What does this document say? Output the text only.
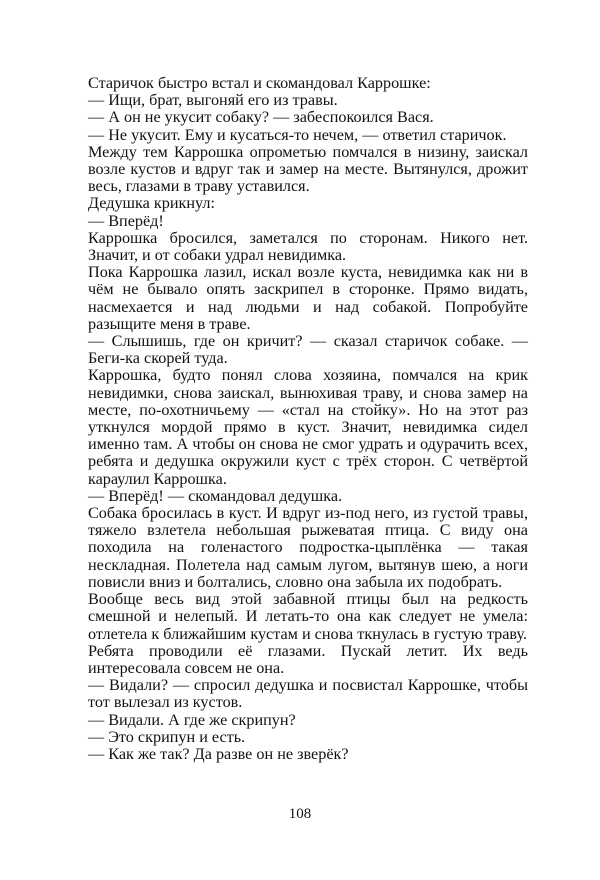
Старичок быстро встал и скомандовал Каррошке:

— Ищи, брат, выгоняй его из травы.

— А он не укусит собаку? — забеспокоился Вася.

— Не укусит. Ему и кусаться-то нечем, — ответил старичок.

Между тем Каррошка опрометью помчался в низину, заискал возле кустов и вдруг так и замер на месте. Вытянулся, дрожит весь, глазами в траву уставился.

Дедушка крикнул:

— Вперёд!

Каррошка бросился, заметался по сторонам. Никого нет. Значит, и от собаки удрал невидимка.

Пока Каррошка лазил, искал возле куста, невидимка как ни в чём не бывало опять заскрипел в сторонке. Прямо видать, насмехается и над людьми и над собакой. Попробуйте разыщите меня в траве.

— Слышишь, где он кричит? — сказал старичок собаке. — Беги-ка скорей туда.

Каррошка, будто понял слова хозяина, помчался на крик невидимки, снова заискал, вынюхивая траву, и снова замер на месте, по-охотничьему — «стал на стойку». Но на этот раз уткнулся мордой прямо в куст. Значит, невидимка сидел именно там. А чтобы он снова не смог удрать и одурачить всех, ребята и дедушка окружили куст с трёх сторон. С четвёртой караулил Каррошка.

— Вперёд! — скомандовал дедушка.

Собака бросилась в куст. И вдруг из-под него, из густой травы, тяжело взлетела небольшая рыжеватая птица. С виду она походила на голенастого подростка-цыплёнка — такая нескладная. Полетела над самым лугом, вытянув шею, а ноги повисли вниз и болтались, словно она забыла их подобрать.

Вообще весь вид этой забавной птицы был на редкость смешной и нелепый. И летать-то она как следует не умела: отлетела к ближайшим кустам и снова ткнулась в густую траву.

Ребята проводили её глазами. Пускай летит. Их ведь интересовала совсем не она.

— Видали? — спросил дедушка и посвистал Каррошке, чтобы тот вылезал из кустов.

— Видали. А где же скрипун?

— Это скрипун и есть.

— Как же так? Да разве он не зверёк?

108
